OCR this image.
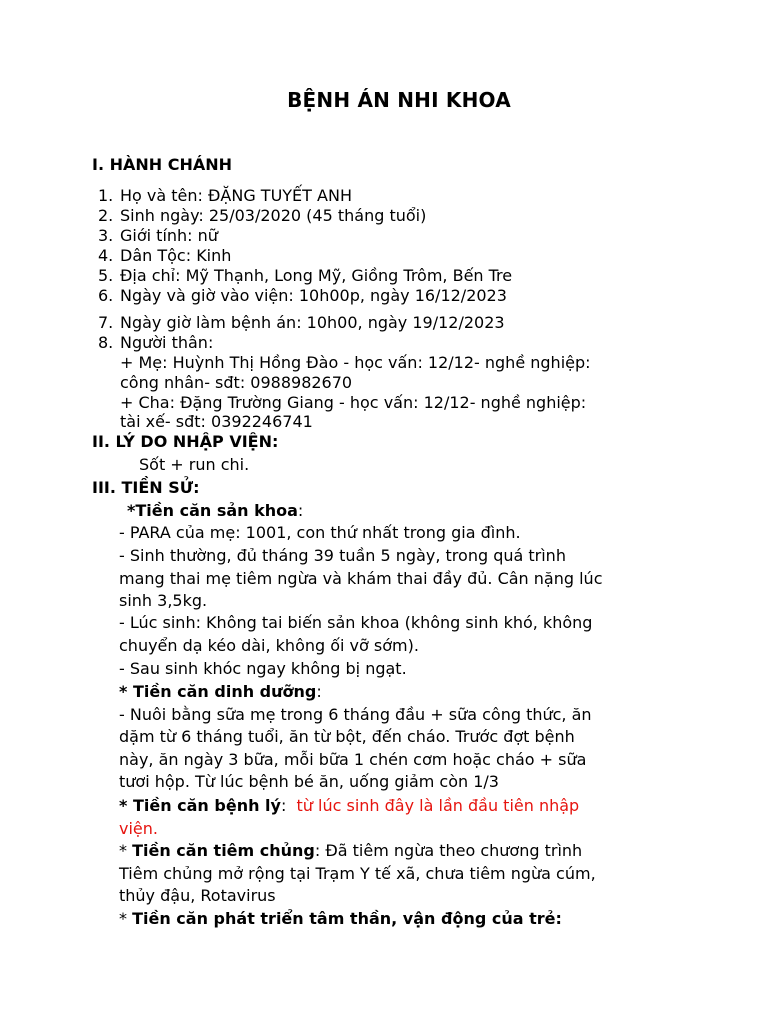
BỆNH ÁN NHI KHOA
I. HÀNH CHÁNH
1. Họ và tên: ĐẶNG TUYẾT ANH
2. Sinh ngày: 25/03/2020 (45 tháng tuổi)
3. Giới tính: nữ
4. Dân Tộc: Kinh
5. Địa chỉ: Mỹ Thạnh, Long Mỹ, Giồng Trôm, Bến Tre
6. Ngày và giờ vào viện: 10h00p, ngày 16/12/2023
7. Ngày giờ làm bệnh án: 10h00, ngày 19/12/2023
8. Người thân:
+ Mẹ: Huỳnh Thị Hồng Đào - học vấn: 12/12- nghề nghiệp:
công nhân- sđt: 0988982670
+ Cha: Đặng Trường Giang - học vấn: 12/12- nghề nghiệp:
tài xế- sđt: 0392246741
II. LÝ DO NHẬP VIỆN:
Sốt + run chi.
III. TIỀN SỬ:
*Tiền căn sản khoa:
- PARA của mẹ: 1001, con thứ nhất trong gia đình.
- Sinh thường, đủ tháng 39 tuần 5 ngày, trong quá trình
mang thai mẹ tiêm ngừa và khám thai đầy đủ. Cân nặng lúc
sinh 3,5kg.
- Lúc sinh: Không tai biến sản khoa (không sinh khó, không
chuyển dạ kéo dài, không ối vỡ sớm).
- Sau sinh khóc ngay không bị ngạt.
* Tiền căn dinh dưỡng:
- Nuôi bằng sữa mẹ trong 6 tháng đầu + sữa công thức, ăn
dặm từ 6 tháng tuổi, ăn từ bột, đến cháo. Trước đợt bệnh
này, ăn ngày 3 bữa, mỗi bữa 1 chén cơm hoặc cháo + sữa
tươi hộp. Từ lúc bệnh bé ăn, uống giảm còn 1/3
* Tiền căn bệnh lý: từ lúc sinh đây là lần đầu tiên nhập
viện.
* Tiền căn tiêm chủng: Đã tiêm ngừa theo chương trình
Tiêm chủng mở rộng tại Trạm Y tế xã, chưa tiêm ngừa cúm,
thủy đậu, Rotavirus
* Tiền căn phát triển tâm thần, vận động của trẻ:
